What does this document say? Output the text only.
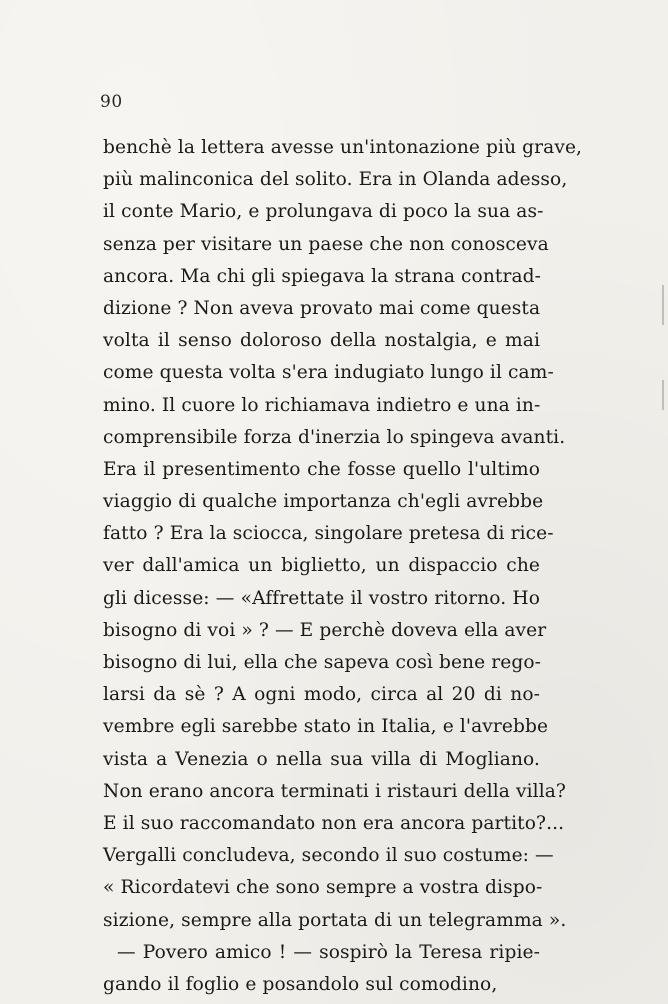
90
benchè la lettera avesse un'intonazione più grave,
più malinconica del solito. Era in Olanda adesso,
il conte Mario, e prolungava di poco la sua as-
senza per visitare un paese che non conosceva
ancora. Ma chi gli spiegava la strana contrad-
dizione ? Non aveva provato mai come questa
volta il senso doloroso della nostalgia, e mai
come questa volta s'era indugiato lungo il cam-
mino. Il cuore lo richiamava indietro e una in-
comprensibile forza d'inerzia lo spingeva avanti.
Era il presentimento che fosse quello l'ultimo
viaggio di qualche importanza ch'egli avrebbe
fatto ? Era la sciocca, singolare pretesa di rice-
ver dall'amica un biglietto, un dispaccio che
gli dicesse: — «Affrettate il vostro ritorno. Ho
bisogno di voi » ? — E perchè doveva ella aver
bisogno di lui, ella che sapeva così bene rego-
larsi da sè ? A ogni modo, circa al 20 di no-
vembre egli sarebbe stato in Italia, e l'avrebbe
vista a Venezia o nella sua villa di Mogliano.
Non erano ancora terminati i ristauri della villa?
E il suo raccomandato non era ancora partito?...
Vergalli concludeva, secondo il suo costume: —
« Ricordatevi che sono sempre a vostra dispo-
sizione, sempre alla portata di un telegramma ».
— Povero amico ! — sospirò la Teresa ripie-
gando il foglio e posandolo sul comodino,
